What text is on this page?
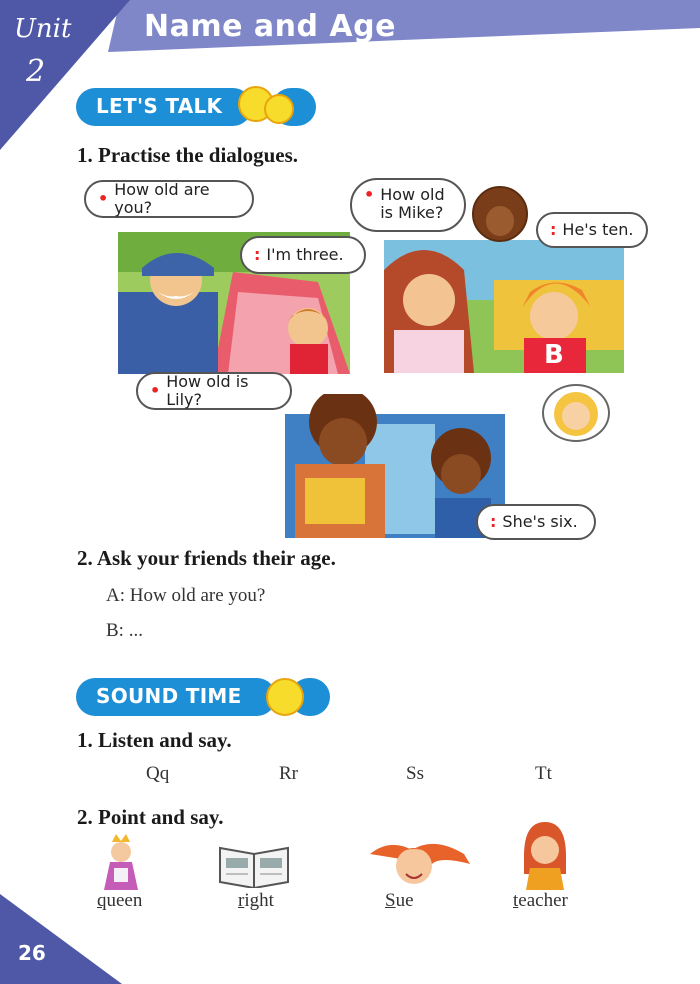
Unit
2
Name and Age
LET'S TALK
1. Practise the dialogues.
• How old are you?
: I'm three.
B
• How old
is Mike?
: He's ten.
• How old is Lily?
: She's six.
2. Ask your friends their age.
A: How old are you?
B: ...
SOUND TIME
1. Listen and say.
Qq	Rr	Ss	Tt
2. Point and say.
queen	right	Sue	teacher
26
